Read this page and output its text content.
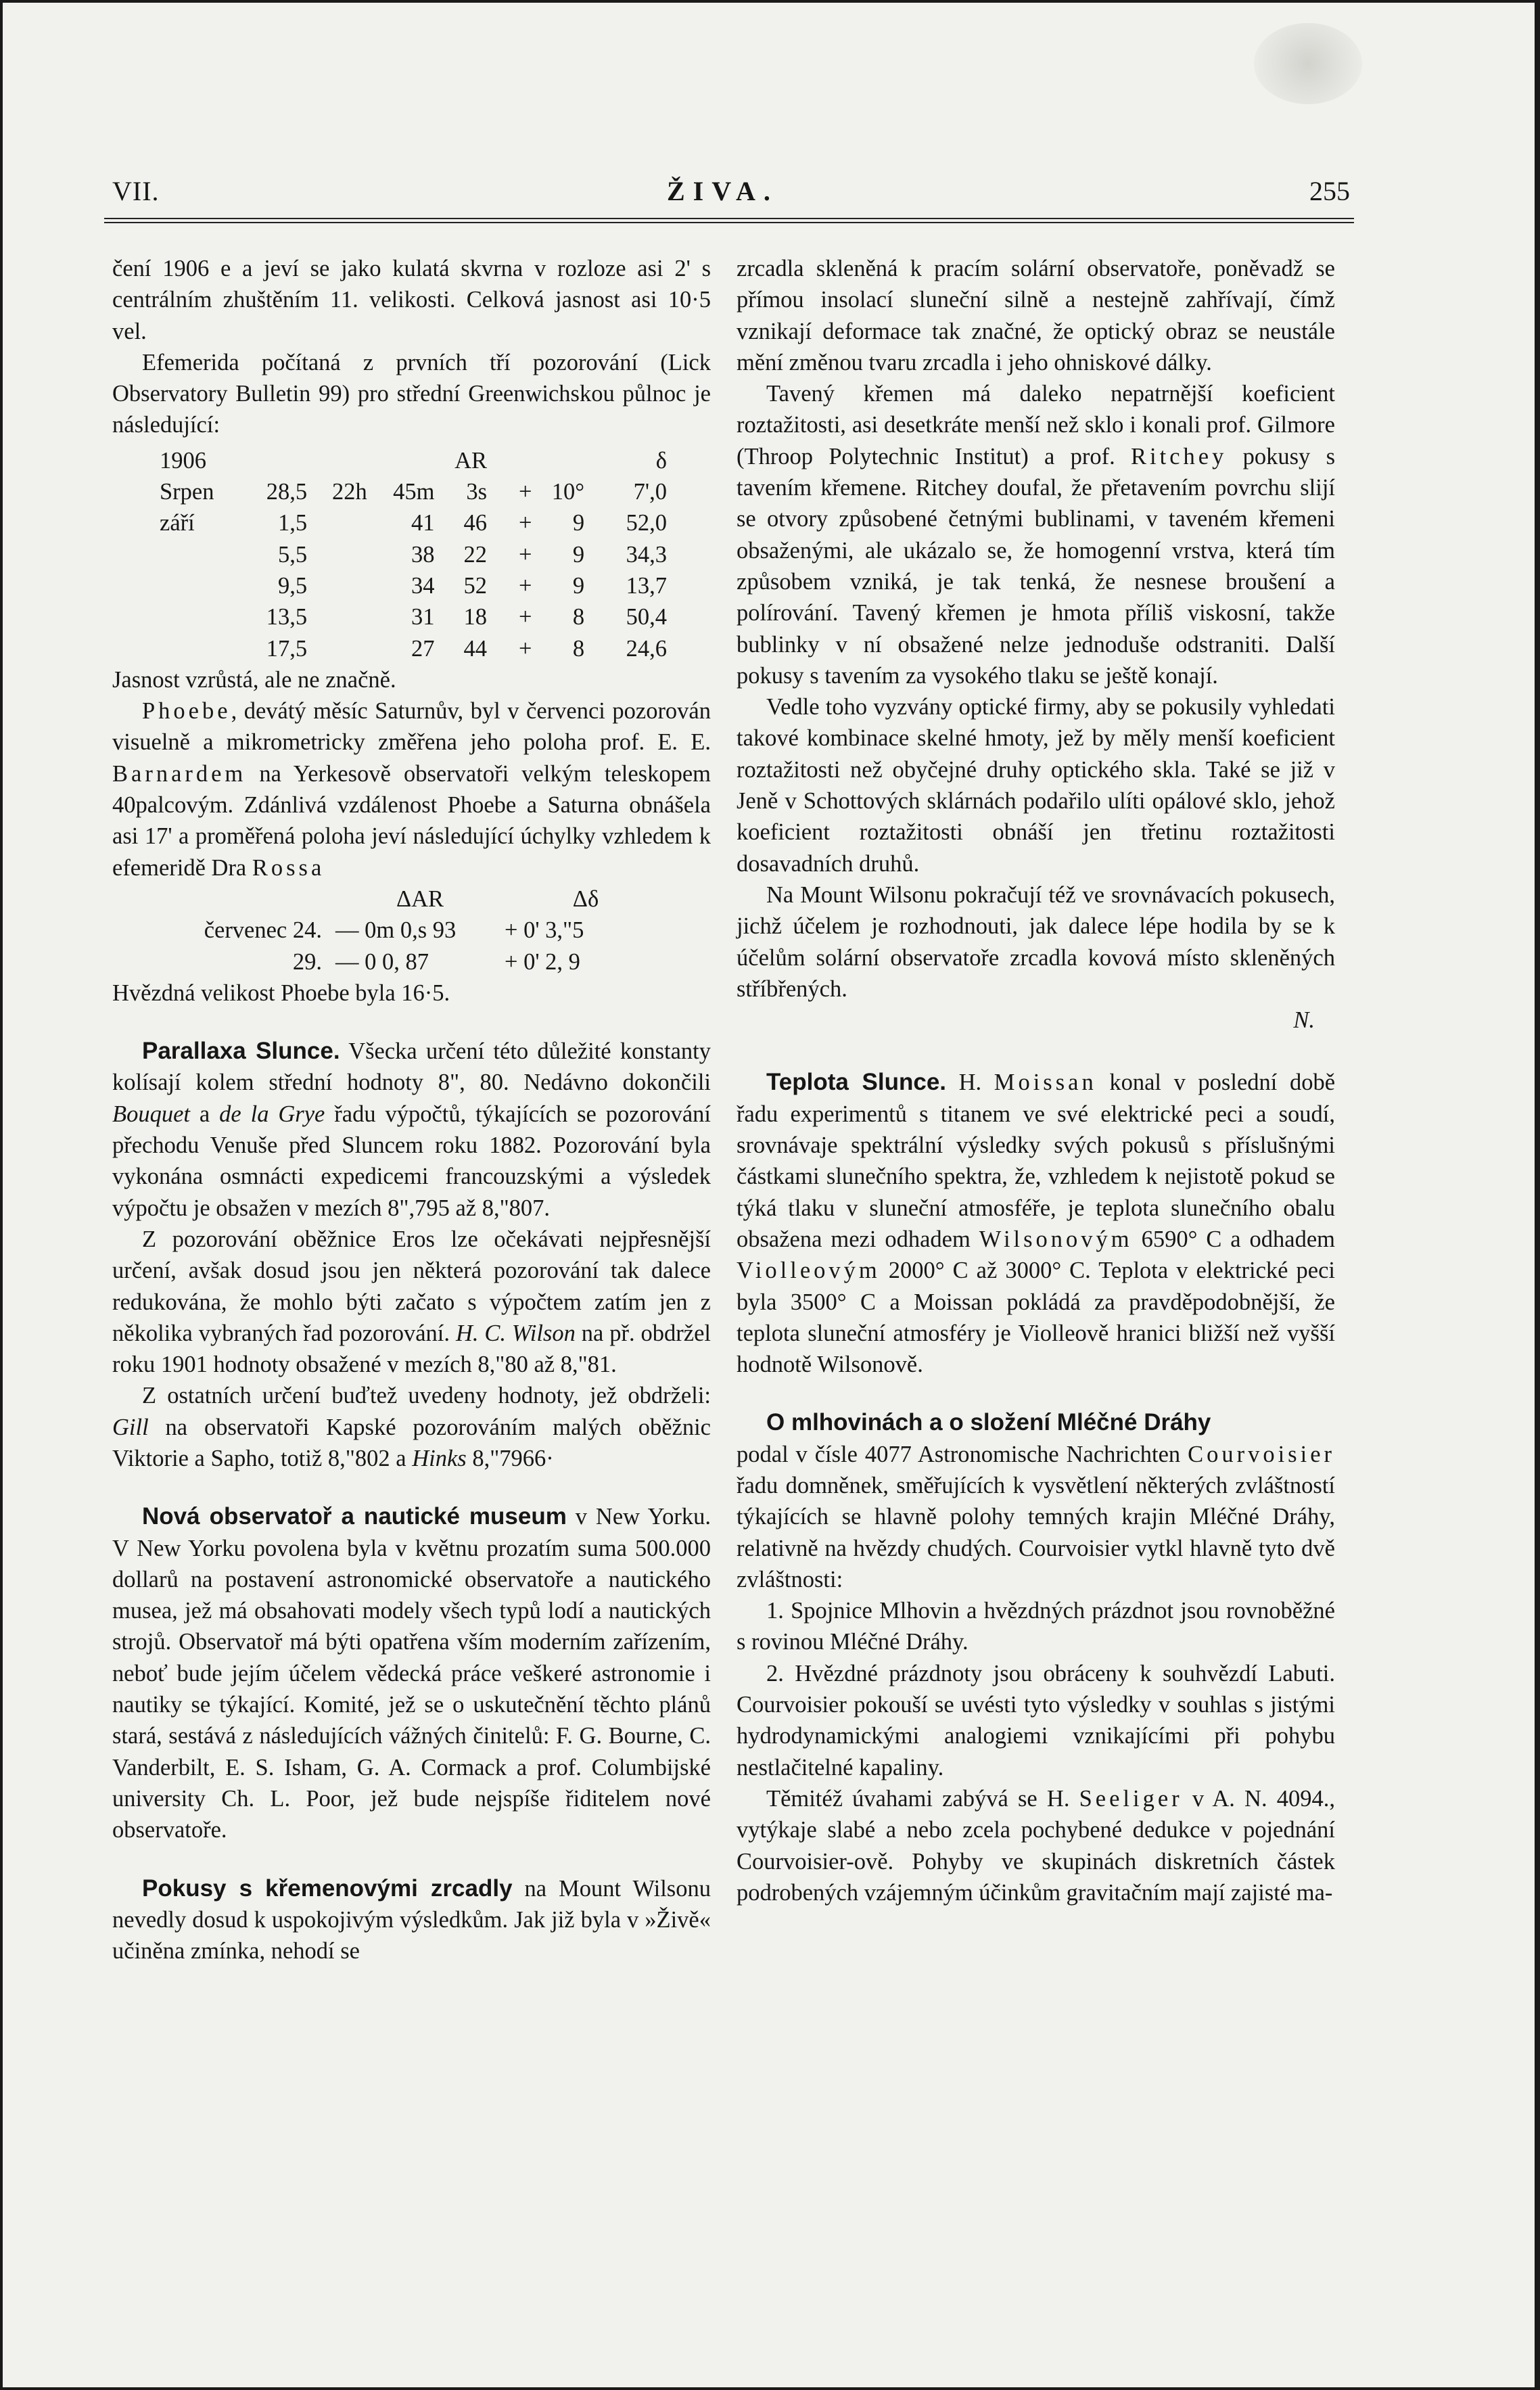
VII.	ŽIVA.	255

čení 1906 e a jeví se jako kulatá skvrna v rozloze asi 2' s centrálním zhuštěním 11. velikosti. Celková jasnost asi 10·5 vel.

Efemerida počítaná z prvních tří pozorování (Lick Observatory Bulletin 99) pro střední Greenwichskou půlnoc je následující:

1906		AR				δ	
Srpen	28,5	22h	45m	3s	+	10°	7',0
září	1,5		41	46	+	9	52,0
	5,5		38	22	+	9	34,3
	9,5		34	52	+	9	13,7
	13,5		31	18	+	8	50,4
	17,5		27	44	+	8	24,6

Jasnost vzrůstá, ale ne značně.

Phoebe, devátý měsíc Saturnův, byl v červenci pozorován visuelně a mikrometricky změřena jeho poloha prof. E. E. Barnardem na Yerkesově observatoři velkým teleskopem 40palcovým. Zdánlivá vzdálenost Phoebe a Saturna obnášela asi 17' a proměřená poloha jeví následující úchylky vzhledem k efemeridě Dra Rossa

	ΔAR	Δδ
červenec 24.	— 0m 0,s 93	+ 0' 3,"5
29.	— 0 0, 87	+ 0' 2, 9

Hvězdná velikost Phoebe byla 16·5.

Parallaxa Slunce. Všecka určení této důležité konstanty kolísají kolem střední hodnoty 8", 80. Nedávno dokončili Bouquet a de la Grye řadu výpočtů, týkajících se pozorování přechodu Venuše před Sluncem roku 1882. Pozorování byla vykonána osmnácti expedicemi francouzskými a výsledek výpočtu je obsažen v mezích 8",795 až 8,"807.

Z pozorování oběžnice Eros lze očekávati nejpřesnější určení, avšak dosud jsou jen některá pozorování tak dalece redukována, že mohlo býti začato s výpočtem zatím jen z několika vybraných řad pozorování. H. C. Wilson na př. obdržel roku 1901 hodnoty obsažené v mezích 8,"80 až 8,"81.

Z ostatních určení buďtež uvedeny hodnoty, jež obdrželi: Gill na observatoři Kapské pozorováním malých oběžnic Viktorie a Sapho, totiž 8,"802 a Hinks 8,"7966·

Nová observatoř a nautické museum v New Yorku. V New Yorku povolena byla v květnu prozatím suma 500.000 dollarů na postavení astronomické observatoře a nautického musea, jež má obsahovati modely všech typů lodí a nautických strojů. Observatoř má býti opatřena vším moderním zařízením, neboť bude jejím účelem vědecká práce veškeré astronomie i nautiky se týkající. Komité, jež se o uskutečnění těchto plánů stará, sestává z následujících vážných činitelů: F. G. Bourne, C. Vanderbilt, E. S. Isham, G. A. Cormack a prof. Columbijské university Ch. L. Poor, jež bude nejspíše řiditelem nové observatoře.

Pokusy s křemenovými zrcadly na Mount Wilsonu nevedly dosud k uspokojivým výsledkům. Jak již byla v »Živě« učiněna zmínka, nehodí se

zrcadla skleněná k pracím solární observatoře, poněvadž se přímou insolací sluneční silně a nestejně zahřívají, čímž vznikají deformace tak značné, že optický obraz se neustále mění změnou tvaru zrcadla i jeho ohniskové dálky.

Tavený křemen má daleko nepatrnější koeficient roztažitosti, asi desetkráte menší než sklo i konali prof. Gilmore (Throop Polytechnic Institut) a prof. Ritchey pokusy s tavením křemene. Ritchey doufal, že přetavením povrchu slijí se otvory způsobené četnými bublinami, v taveném křemeni obsaženými, ale ukázalo se, že homogenní vrstva, která tím způsobem vzniká, je tak tenká, že nesnese broušení a polírování. Tavený křemen je hmota příliš viskosní, takže bublinky v ní obsažené nelze jednoduše odstraniti. Další pokusy s tavením za vysokého tlaku se ještě konají.

Vedle toho vyzvány optické firmy, aby se pokusily vyhledati takové kombinace skelné hmoty, jež by měly menší koeficient roztažitosti než obyčejné druhy optického skla. Také se již v Jeně v Schottových sklárnách podařilo ulíti opálové sklo, jehož koeficient roztažitosti obnáší jen třetinu roztažitosti dosavadních druhů.

Na Mount Wilsonu pokračují též ve srovnávacích pokusech, jichž účelem je rozhodnouti, jak dalece lépe hodila by se k účelům solární observatoře zrcadla kovová místo skleněných stříbřených.

N.

Teplota Slunce. H. Moissan konal v poslední době řadu experimentů s titanem ve své elektrické peci a soudí, srovnávaje spektrální výsledky svých pokusů s příslušnými částkami slunečního spektra, že, vzhledem k nejistotě pokud se týká tlaku v sluneční atmosféře, je teplota slunečního obalu obsažena mezi odhadem Wilsonovým 6590° C a odhadem Violleovým 2000° C až 3000° C. Teplota v elektrické peci byla 3500° C a Moissan pokládá za pravděpodobnější, že teplota sluneční atmosféry je Violleově hranici bližší než vyšší hodnotě Wilsonově.

O mlhovinách a o složení Mléčné Dráhy

podal v čísle 4077 Astronomische Nachrichten Courvoisier řadu domněnek, směřujících k vysvětlení některých zvláštností týkajících se hlavně polohy temných krajin Mléčné Dráhy, relativně na hvězdy chudých. Courvoisier vytkl hlavně tyto dvě zvláštnosti:

1. Spojnice Mlhovin a hvězdných prázdnot jsou rovnoběžné s rovinou Mléčné Dráhy.

2. Hvězdné prázdnoty jsou obráceny k souhvězdí Labuti. Courvoisier pokouší se uvésti tyto výsledky v souhlas s jistými hydrodynamickými analogiemi vznikajícími při pohybu nestlačitelné kapaliny.

Těmitéž úvahami zabývá se H. Seeliger v A. N. 4094., vytýkaje slabé a nebo zcela pochybené dedukce v pojednání Courvoisier-ově. Pohyby ve skupinách diskretních částek podrobených vzájemným účinkům gravitačním mají zajisté ma-
